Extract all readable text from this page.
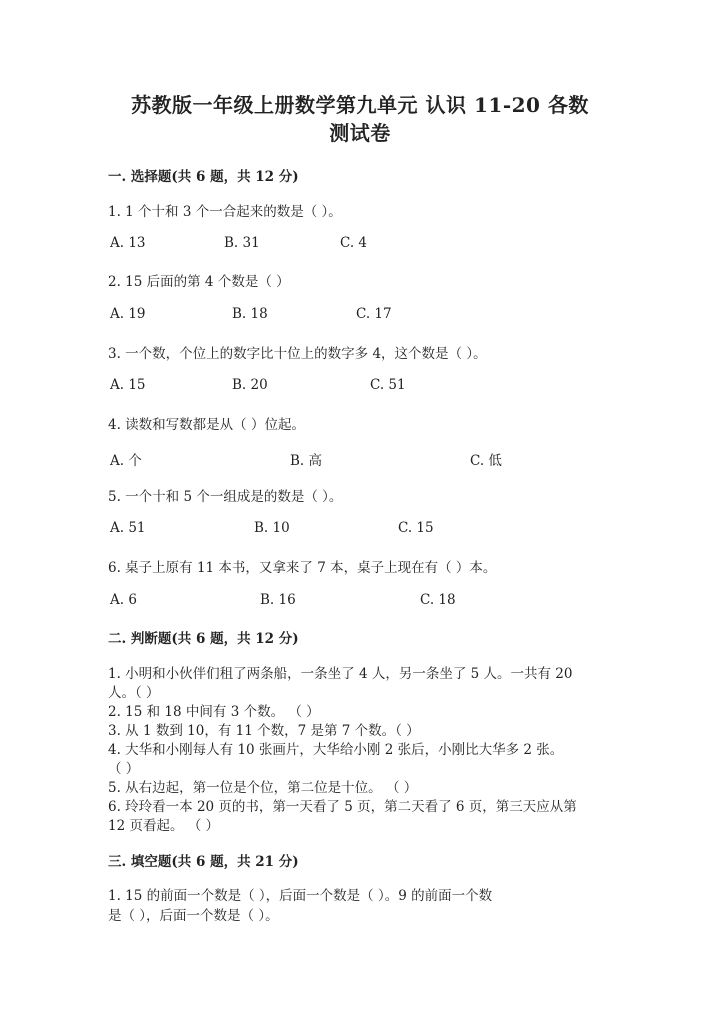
苏教版一年级上册数学第九单元 认识 11-20 各数
测试卷
一. 选择题(共 6 题，共 12 分)
1. 1 个十和 3 个一合起来的数是（ ）。
A. 13	B. 31	C. 4
2. 15 后面的第 4 个数是（ ）
A. 19	B. 18	C. 17
3. 一个数，个位上的数字比十位上的数字多 4，这个数是（ ）。
A. 15	B. 20	C. 51
4. 读数和写数都是从（ ）位起。
A. 个	B. 高	C. 低
5. 一个十和 5 个一组成是的数是（ ）。
A. 51	B. 10	C. 15
6. 桌子上原有 11 本书，又拿来了 7 本，桌子上现在有（ ）本。
A. 6	B. 16	C. 18
二. 判断题(共 6 题，共 12 分)
1. 小明和小伙伴们租了两条船，一条坐了 4 人，另一条坐了 5 人。一共有 20
人。（ ）
2. 15 和 18 中间有 3 个数。 （ ）
3. 从 1 数到 10，有 11 个数，7 是第 7 个数。（ ）
4. 大华和小刚每人有 10 张画片，大华给小刚 2 张后，小刚比大华多 2 张。
（ ）
5. 从右边起，第一位是个位，第二位是十位。 （ ）
6. 玲玲看一本 20 页的书，第一天看了 5 页，第二天看了 6 页，第三天应从第
12 页看起。 （ ）
三. 填空题(共 6 题，共 21 分)
1. 15 的前面一个数是（ ），后面一个数是（ ）。9 的前面一个数
是（ ），后面一个数是（ ）。
